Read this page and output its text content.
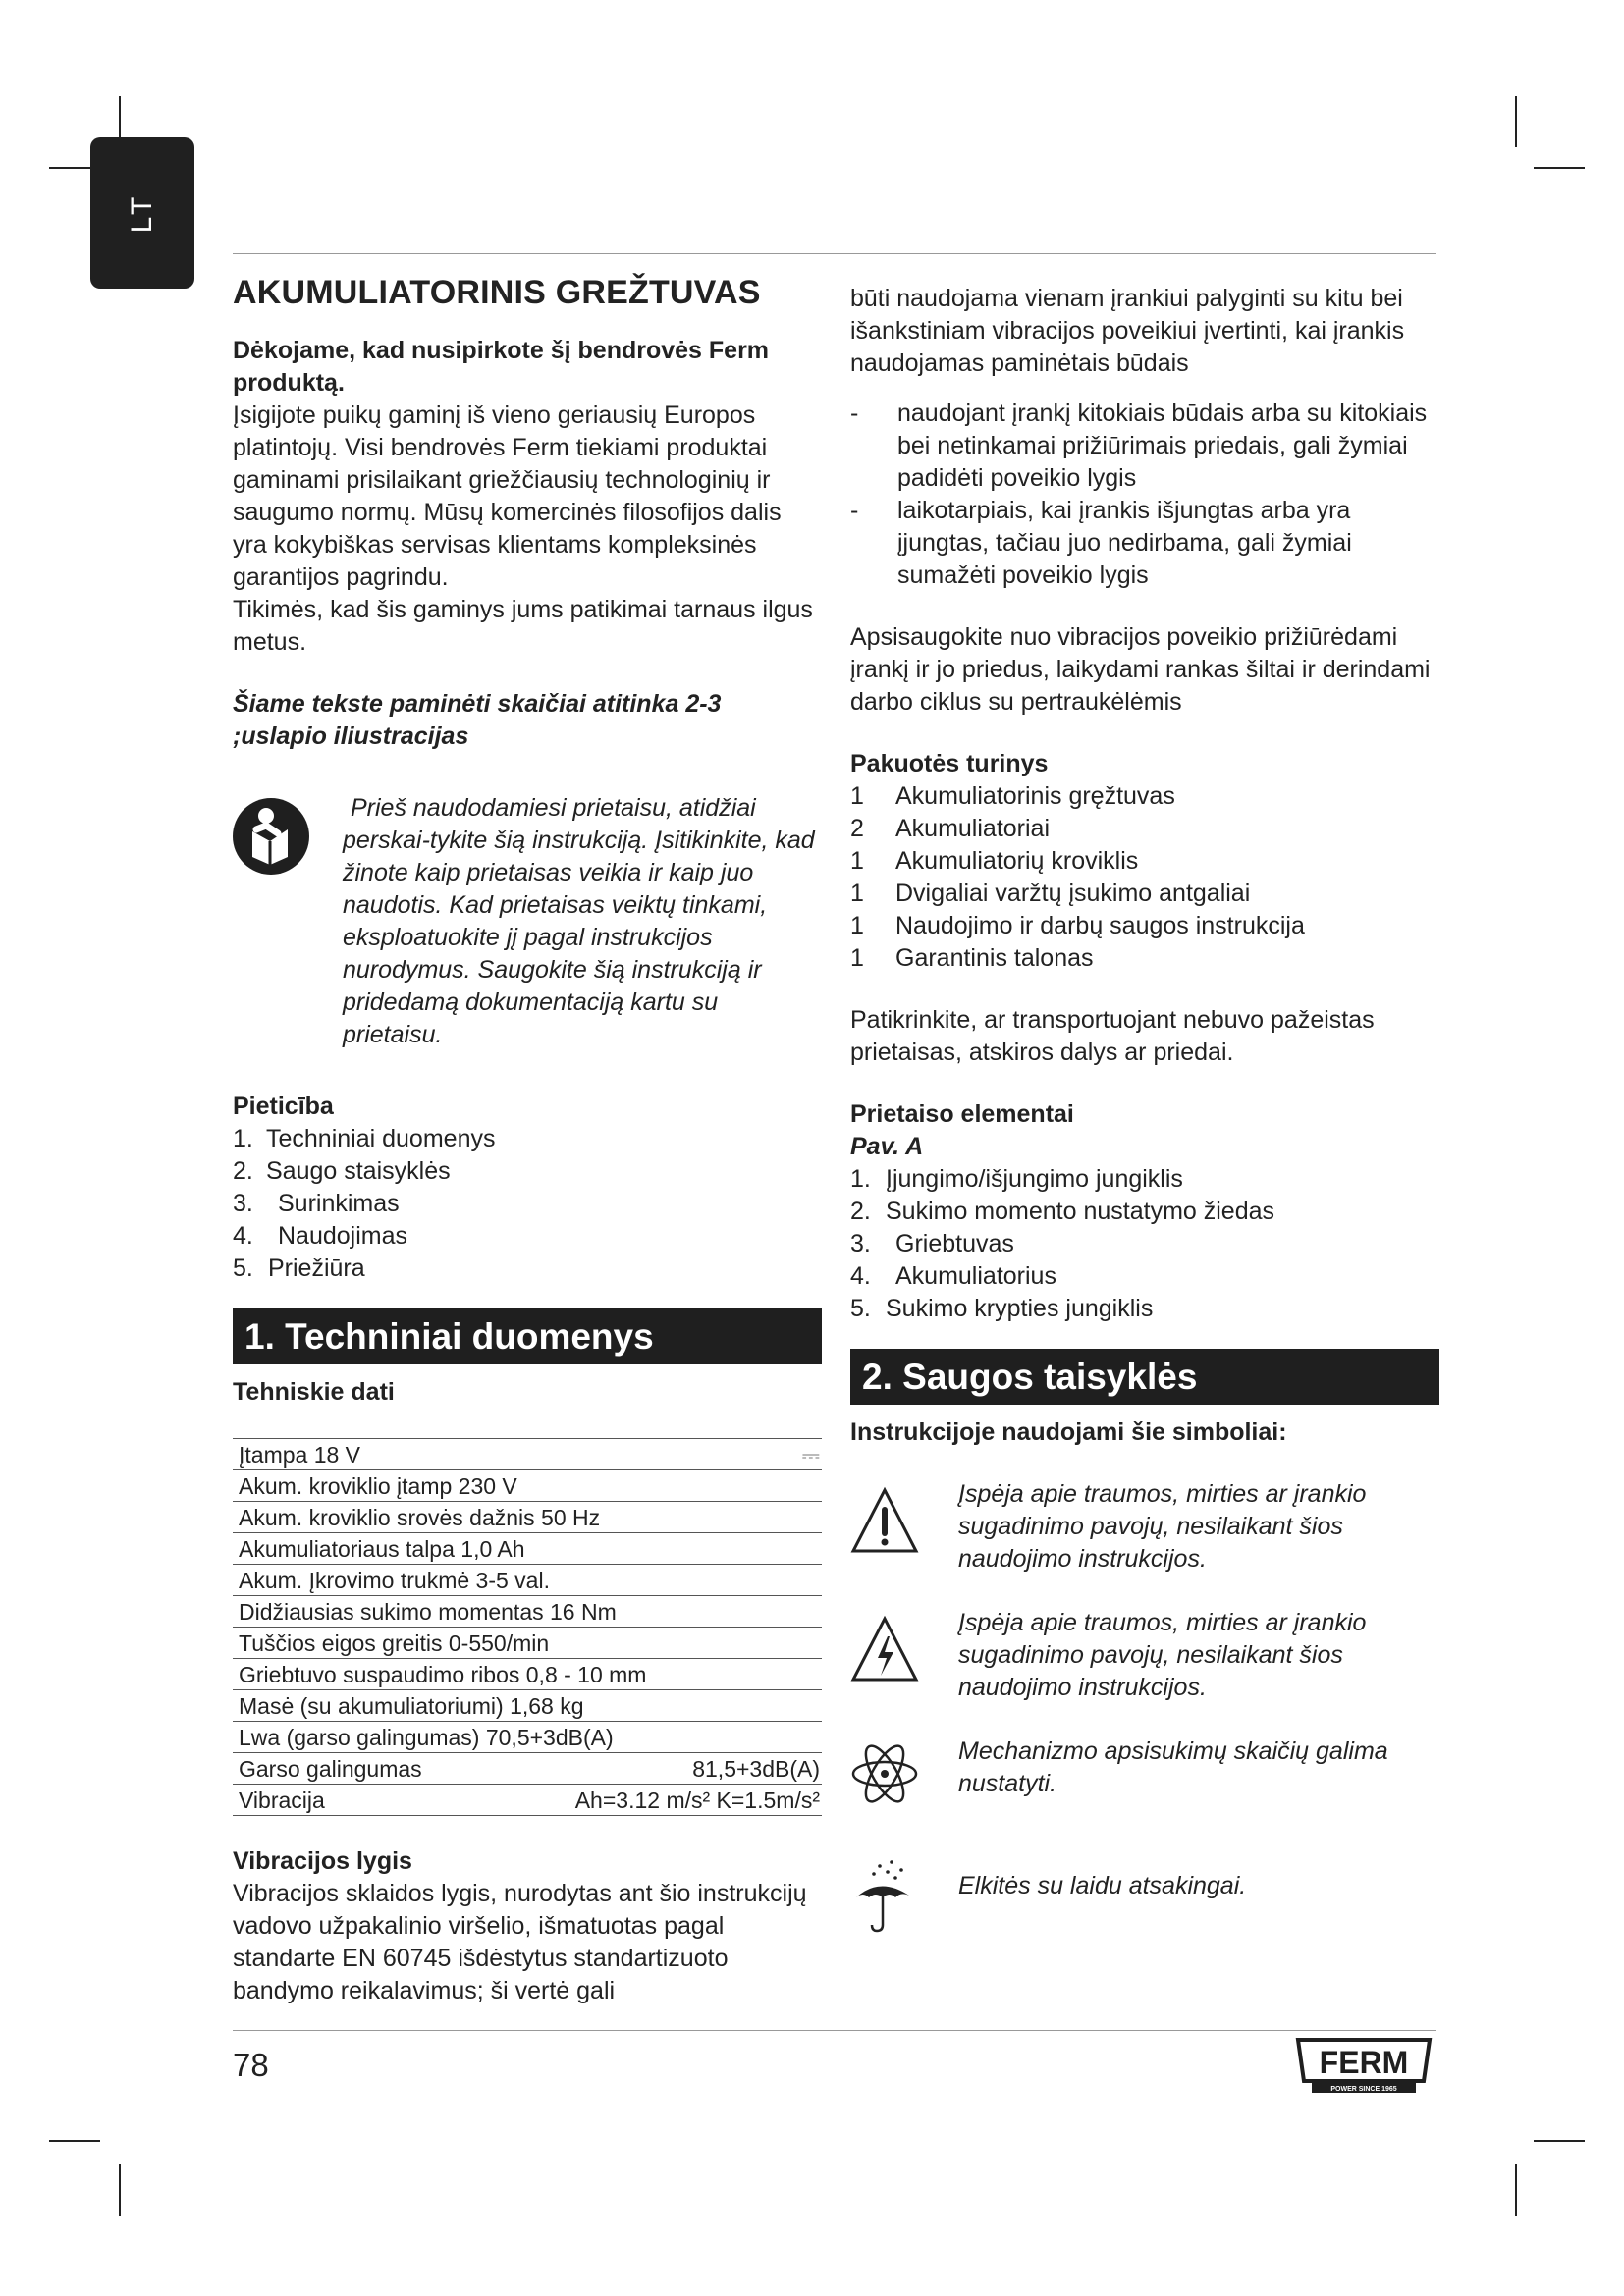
LT
AKUMULIATORINIS GREŽTUVAS

Dėkojame, kad nusipirkote šį bendrovės Ferm produktą.

Įsigijote puikų gaminį iš vieno geriausių Europos platintojų. Visi bendrovės Ferm tiekiami produktai gaminami prisilaikant griežčiausių technologinių ir saugumo normų. Mūsų komercinės filosofijos dalis yra kokybiškas servisas klientams kompleksinės garantijos pagrindu.

Tikimės, kad šis gaminys jums patikimai tarnaus ilgus metus.

Šiame tekste paminėti skaičiai atitinka 2-3 ;uslapio iliustracijas

Prieš naudodamiesi prietaisu, atidžiai perskai-tykite šią instrukciją. Įsitikinkite, kad žinote kaip prietaisas veikia ir kaip juo naudotis. Kad prietaisas veiktų tinkami, eksploatuokite jį pagal instrukcijos nurodymus. Saugokite šią instrukciją ir pridedamą dokumentaciją kartu su prietaisu.

Pieticība

1. Techniniai duomenys
2. Saugo staisyklės
3.	Surinkimas
4.	Naudojimas
5. Priežiūra
1. Techniniai duomenys

Tehniskie dati

Įtampa 18 V	⎓
Akum. kroviklio įtamp 230 V
Akum. kroviklio srovės dažnis 50 Hz
Akumuliatoriaus talpa 1,0 Ah
Akum. Įkrovimo trukmė 3-5 val.
Didžiausias sukimo momentas 16 Nm
Tuščios eigos greitis 0-550/min
Griebtuvo suspaudimo ribos 0,8 - 10 mm
Masė (su akumuliatoriumi) 1,68 kg
Lwa (garso galingumas) 70,5+3dB(A)
Garso galingumas	81,5+3dB(A)
Vibracija	Ah=3.12 m/s² K=1.5m/s²

Vibracijos lygis

Vibracijos sklaidos lygis, nurodytas ant šio instrukcijų vadovo užpakalinio viršelio, išmatuotas pagal standarte EN 60745 išdėstytus standartizuoto bandymo reikalavimus; ši vertė gali

būti naudojama vienam įrankiui palyginti su kitu bei išankstiniam vibracijos poveikiui įvertinti, kai įrankis naudojamas paminėtais būdais

-	naudojant įrankį kitokiais būdais arba su kitokiais bei netinkamai prižiūrimais priedais, gali žymiai padidėti poveikio lygis
-	laikotarpiais, kai įrankis išjungtas arba yra įjungtas, tačiau juo nedirbama, gali žymiai sumažėti poveikio lygis

Apsisaugokite nuo vibracijos poveikio prižiūrėdami įrankį ir jo priedus, laikydami rankas šiltai ir derindami darbo ciklus su pertraukėlėmis

Pakuotės turinys

1	Akumuliatorinis gręžtuvas
2	Akumuliatoriai
1	Akumuliatorių kroviklis
1	Dvigaliai varžtų įsukimo antgaliai
1	Naudojimo ir darbų saugos instrukcija
1	Garantinis talonas

Patikrinkite, ar transportuojant nebuvo pažeistas prietaisas, atskiros dalys ar priedai.

Prietaiso elementai

Pav. A

1. Įjungimo/išjungimo jungiklis
2. Sukimo momento nustatymo žiedas
3.	Griebtuvas
4.	Akumuliatorius
5. Sukimo krypties jungiklis
2. Saugos taisyklės

Instrukcijoje naudojami šie simboliai:

Įspėja apie traumos, mirties ar įrankio sugadinimo pavojų, nesilaikant šios naudojimo instrukcijos.

Įspėja apie traumos, mirties ar įrankio sugadinimo pavojų, nesilaikant šios naudojimo instrukcijos.

Mechanizmo apsisukimų skaičių galima nustatyti.

Elkitės su laidu atsakingai.

78	FERM
POWER SINCE 1965
